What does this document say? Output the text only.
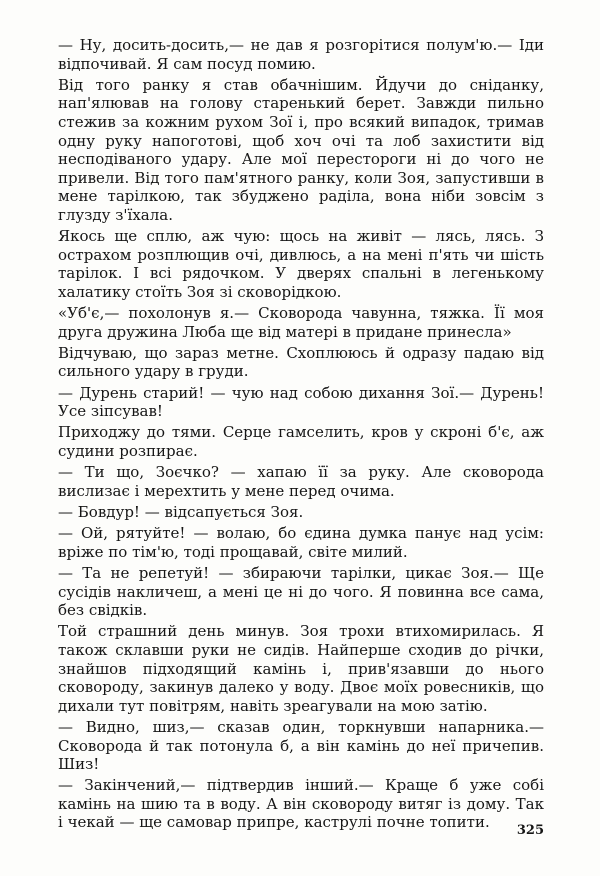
— Ну, досить-досить,— не дав я розгорітися полум'ю.— Іди відпочивай. Я сам посуд помию.

Від того ранку я став обачнішим. Йдучи до сніданку, нап'ялював на голову старенький берет. Завжди пильно стежив за кожним рухом Зої і, про всякий випадок, тримав одну руку напоготові, щоб хоч очі та лоб захистити від несподіваного удару. Але мої перестороги ні до чого не привели. Від того пам'ятного ранку, коли Зоя, запустивши в мене тарілкою, так збуджено раділа, вона ніби зовсім з глузду з'їхала.

Якось ще сплю, аж чую: щось на живіт — лясь, лясь. З острахом розплющив очі, дивлюсь, а на мені п'ять чи шість тарілок. І всі рядочком. У дверях спальні в легенькому халатику стоїть Зоя зі сковорідкою.

«Уб'є,— похолонув я.— Сковорода чавунна, тяжка. Її моя друга дружина Люба ще від матері в придане принесла»

Відчуваю, що зараз метне. Схоплююсь й одразу падаю від сильного удару в груди.

— Дурень старий! — чую над собою дихання Зої.— Дурень! Усе зіпсував!

Приходжу до тями. Серце гамселить, кров у скроні б'є, аж судини розпирає.

— Ти що, Зоєчко? — хапаю її за руку. Але сковорода вислизає і мерехтить у мене перед очима.

— Бовдур! — відсапується Зоя.

— Ой, рятуйте! — волаю, бо єдина думка панує над усім: вріже по тім'ю, тоді прощавай, світе милий.

— Та не репетуй! — збираючи тарілки, цикає Зоя.— Ще сусідів накличеш, а мені це ні до чого. Я повинна все сама, без свідків.

Той страшний день минув. Зоя трохи втихомирилась. Я також склавши руки не сидів. Найперше сходив до річки, знайшов підходящий камінь і, прив'язавши до нього сковороду, закинув далеко у воду. Двоє моїх ровесників, що дихали тут повітрям, навіть зреагували на мою затію.

— Видно, шиз,— сказав один, торкнувши напарника.— Сковорода й так потонула б, а він камінь до неї причепив. Шиз!

— Закінчений,— підтвердив інший.— Краще б уже собі камінь на шию та в воду. А він сковороду витяг із дому. Так і чекай — ще самовар припре, каструлі почне топити.	325
